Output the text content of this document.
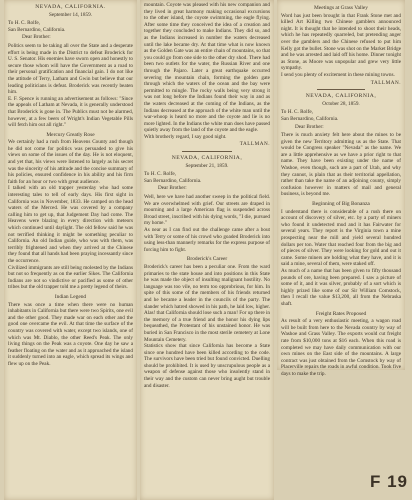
NEVADA, CALIFORNIA.
September 14, 1859.
To H. C. Rolfe,
San Bernardino, California.
Dear Brother:

Politics seem to be taking all over the State and a desperate effort is being made in the District to defeat Broderick for U. S. Senator. His enemies have sworn open and honestly to secure those whom will have the Government as a road to their personal gratification and financial gain. I do not like the attitude of Terry, Latham and Gwin but believe that our leading politicians is defeat. Broderick was recently beaten him.

E. F. Spence is running an advertisement as follows: "Since the appeals of Latham at Nevada, it is generally understood that Broderick is gone in. The Publics must not be alarmed, however, at a few beers of Wright's Indian Vegetable Pills will fetch him out all right."

Mercury Greatly Rose

We certainly had a rush from Heavens County and though he did not come for politics was persuaded to give his views on some of the issues of the day. He is not eloquent, and yet that, his views were listened to largely as his secret was the sincerity of his attitude and the concise summary of his policies, ensured confidence in his ability and his firm faith for an hour or two with great audience.

I talked with an old trapper yesterday who had some interesting tales to tell of early days. His first sight in California was in November, 1833. He camped on the head waters of the Merced. He was covered by a company calling him to get up, that Judgement Day had come. The Heavens were blazing in every direction with meteors which continued until daylight. The old fellow said he was not terrified thinking it might be something peculiar to California. An old Indian guide, who was with them, was terribly frightened and when they arrived at the Chinese they found that all hands had been praying incessantly since the occurrence.

Civilized immigrants are still being molested by the Indians but not so frequently as on the earlier Sikes. The California Indians are not so vindictive or pacified as some of other tribes but the old trapper told me a pretty legend of theirs.

Indian Legend

There was once a time when there were no human inhabitants in California but there were two Spirits, one evil and the other good. They made war on each other and the good one overcame the evil. At that time the surface of the country was covered with water, except two islands, one of which was Mt. Diablo, the other Reed's Peak. The only living things on the Peak was a coyote. One day he saw a feather floating on the water and as it approached the island it suddenly turned into an eagle, which spread its wings and flew up on the Peak.

mountain. Coyote was pleased with his new companion and they lived in great harmony making occasional excursions to the other island, the coyote swimming, the eagle flying. After some time they conceived the idea of a creation and together they concluded to make Indians. They did so, and as the Indians increased in number the waters decreased until the lake became dry. At that time what is now known as the Golden Gate was an entire chain of mountains, so that you could go from one side to the other dry shod. There had been two outlets for the water, the Russian River and one through the Pajaro. Later a great earthquake occurred severing the mountain chain, forming the golden gate through which the waters of the ocean and the bay were permitted to mingle. The rocky walls being very strong it was not long before the Indians found their way in and as the waters decreased at the coming of the Indians, as the Indians decreased at the approach of the white man until the war-whoop is heard no more and the coyote and lie is no more lighted. In the Indians the white man does have passed quietly away from the land of the coyote and the eagle.

With brotherly regard, I say good night.

TALLMAN.
NEVADA, CALIFORNIA,
September 21, 1859.
To H. C. Rolfe,
San Bernardino, California.
Dear Brother:

Well, here we have had another sweep in the political field. We are overwhelmed with grief. Our streets are draped in mourning and a large American flag is suspended across Broad street, inscribed with his dying words, "I die, pursued my home."

As near as I can find out the challenge came after a bout with Terry or some of his crowd who goaded Broderick into using less-than mannerly remarks for the express purpose of forcing him to fight.

Broderick's Career

Broderick's career has been a peculiar one. From the ward primaries to the state house and into positions in this State he was made the object of insulting malignant hostility. No language was too vile, no term too opprobrious, for him. In spite of this some of the members of his friends returned and he became a leader in the councils of the party. The slander which hatred showed in his path, he laid low, higher. Alas! that California should lose such a man! For up there in the memory of a true friend and the honor his dying lips bequeathed, the Protestant of his unstained honor. He was buried in San Francisco in the most sterile cemetery at Lone Mountain Cemetery.

Statistics show that since California has become a State since one hundred have been killed according to the code. The survivors have been tried but found convicted. Duelling should be prohibited. It is used by unscrupulous people as a weapon of defense against those who insolently stand in their way and the custom can never bring aught but trouble and disaster.

Meetings at Grass Valley

Word has just been brought in that Frank Stone met and killed Art Killing two Chinese gamblers announced night. It is thought that he intended to shoot their heads, which he has repeatedly quarreled, but pretending anger over the gamblers and the Chinese refused to put him Kelly got the bullet. Stone was shot on the Market Bridge and he was arrested and laid off his home. Dinner tonight as Stone, as Moore was unpopular and grew very little sympathy.

I send you plenty of excitement in these mining towns.

TALLMAN.
NEVADA, CALIFORNIA,
October 28, 1859.
To H. C. Rolfe,
San Bernardino, California.
Dear Brother:

There is much anxiety felt here about the mines to be given the new Territory admitting us as the State. That would be Congress speaker "Nevada" as the name. We are a little apprehensive as we have a prior right to that name. They have been existing under the name of Washoe, even though, such are a part of Utah, and why they cannot, is plain that as their territorial appellation, rather than take the name of an adjoining county, simply confusion however in matters of mail and general business, is beyond me.

Beginning of Big Bonanza

I understand there is considerable of a rush there on account of discovery of silver, etc. by a party of miners who found it undetected mud and it has Fairwater for several years. They report is the Virginia town a mine prospecting near the mill and yield several hundred dollars per ton. Water that reached four from the big and of pieces of silver. They were looking for gold and out it came. Some miners are holding what they have, and it is said a mine, several of them, were staked off.

As much of a name that has been given to fifty thousand pounds of ore, having been prepared. I saw a picture of some of it, and it was silver, probably of a sort which is highly prized like some of our Sir William Comstock, then I recall the value $13,200, all from the Nebraska shaft.

Freight Rates Proposed

As result of a very enthusiastic meeting, a wagon road will be built from here to the Nevada country by way of Washoe and Grass Valley. The exports would cut freight rate from $10,000 tons at $16 each. When this road is completed we may have daily communication with our own mines on the East side of the mountains. A large contract was just obtained from the Comstock by way of Placerville repairs the roads in awful condition. Took five days to make the trip.

F 19
